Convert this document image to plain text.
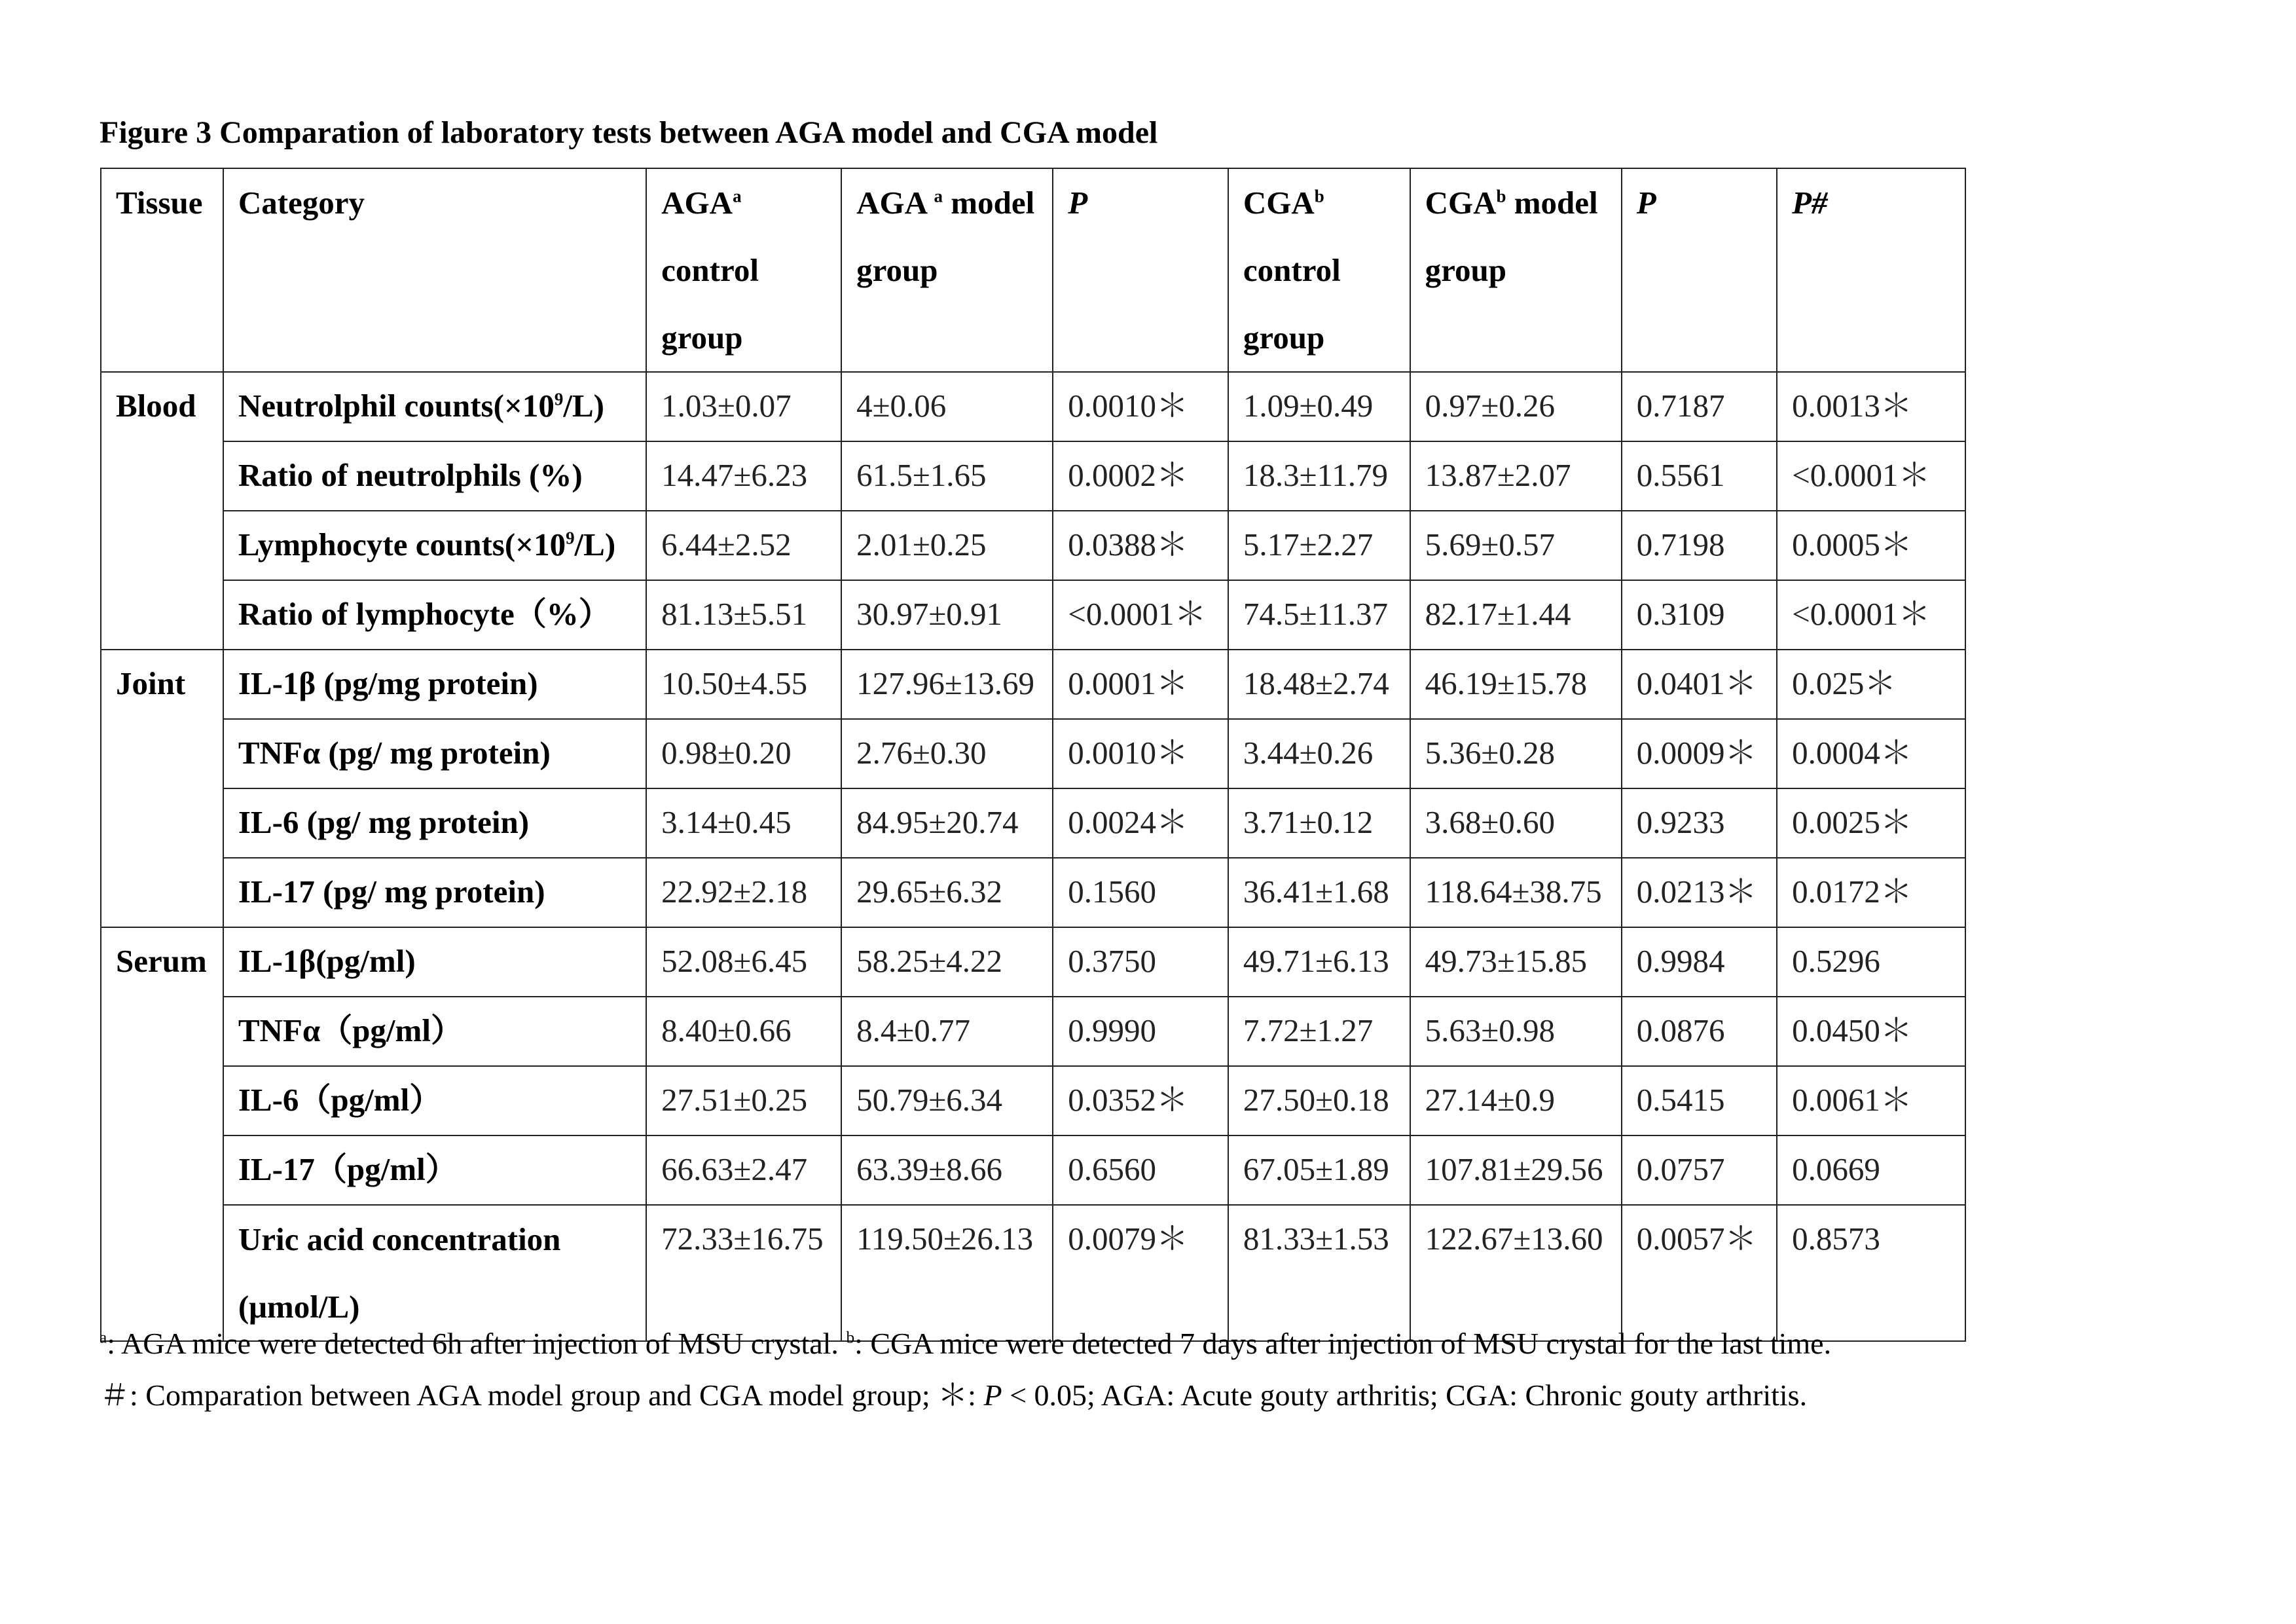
Figure 3 Comparation of laboratory tests between AGA model and CGA model

Tissue	Category	AGA$^a$ control group	AGA $^a$ model group	P	CGA$^b$ control group	CGA$^b$ model group	P	P#
Blood	Neutrolphil $counts(\times 10^9/L)$	1.03±0.07	4±0.06	0.0010＊	1.09±0.49	0.97±0.26	0.7187	0.0013＊
	Ratio of neutrolphils (%)	14.47±6.23	61.5±1.65	0.0002＊	18.3±11.79	13.87±2.07	0.5561	<0.0001＊
	Lymphocyte $counts(\times 10^9/L)$	6.44±2.52	2.01±0.25	0.0388＊	5.17±2.27	5.69±0.57	0.7198	0.0005＊
	Ratio of lymphocyte（%）	81.13±5.51	30.97±0.91	<0.0001＊	74.5±11.37	82.17±1.44	0.3109	<0.0001＊
Joint	IL-1β (pg/mg protein)	10.50±4.55	127.96±13.69	0.0001＊	18.48±2.74	46.19±15.78	0.0401＊	0.025＊
	TNFα (pg/ mg protein)	0.98±0.20	2.76±0.30	0.0010＊	3.44±0.26	5.36±0.28	0.0009＊	0.0004＊
	IL-6 (pg/ mg protein)	3.14±0.45	84.95±20.74	0.0024＊	3.71±0.12	3.68±0.60	0.9233	0.0025＊
	IL-17 (pg/ mg protein)	22.92±2.18	29.65±6.32	0.1560	36.41±1.68	118.64±38.75	0.0213＊	0.0172＊
Serum	IL-1β(pg/ml)	52.08±6.45	58.25±4.22	0.3750	49.71±6.13	49.73±15.85	0.9984	0.5296
	TNFα（pg/ml）	8.40±0.66	8.4±0.77	0.9990	7.72±1.27	5.63±0.98	0.0876	0.0450＊
	IL-6（pg/ml）	27.51±0.25	50.79±6.34	0.0352＊	27.50±0.18	27.14±0.9	0.5415	0.0061＊
	IL-17（pg/ml）	66.63±2.47	63.39±8.66	0.6560	67.05±1.89	107.81±29.56	0.0757	0.0669
	Uric acid concentration (μmol/L)	72.33±16.75	119.50±26.13	0.0079＊	81.33±1.53	122.67±13.60	0.0057＊	0.8573

$^a$: AGA mice were detected 6h after injection of MSU crystal. $^b$: CGA mice were detected 7 days after injection of MSU crystal for the last time.

＃: Comparation between AGA model group and CGA model group; ＊: P < 0.05; AGA: Acute gouty arthritis; CGA: Chronic gouty arthritis.
